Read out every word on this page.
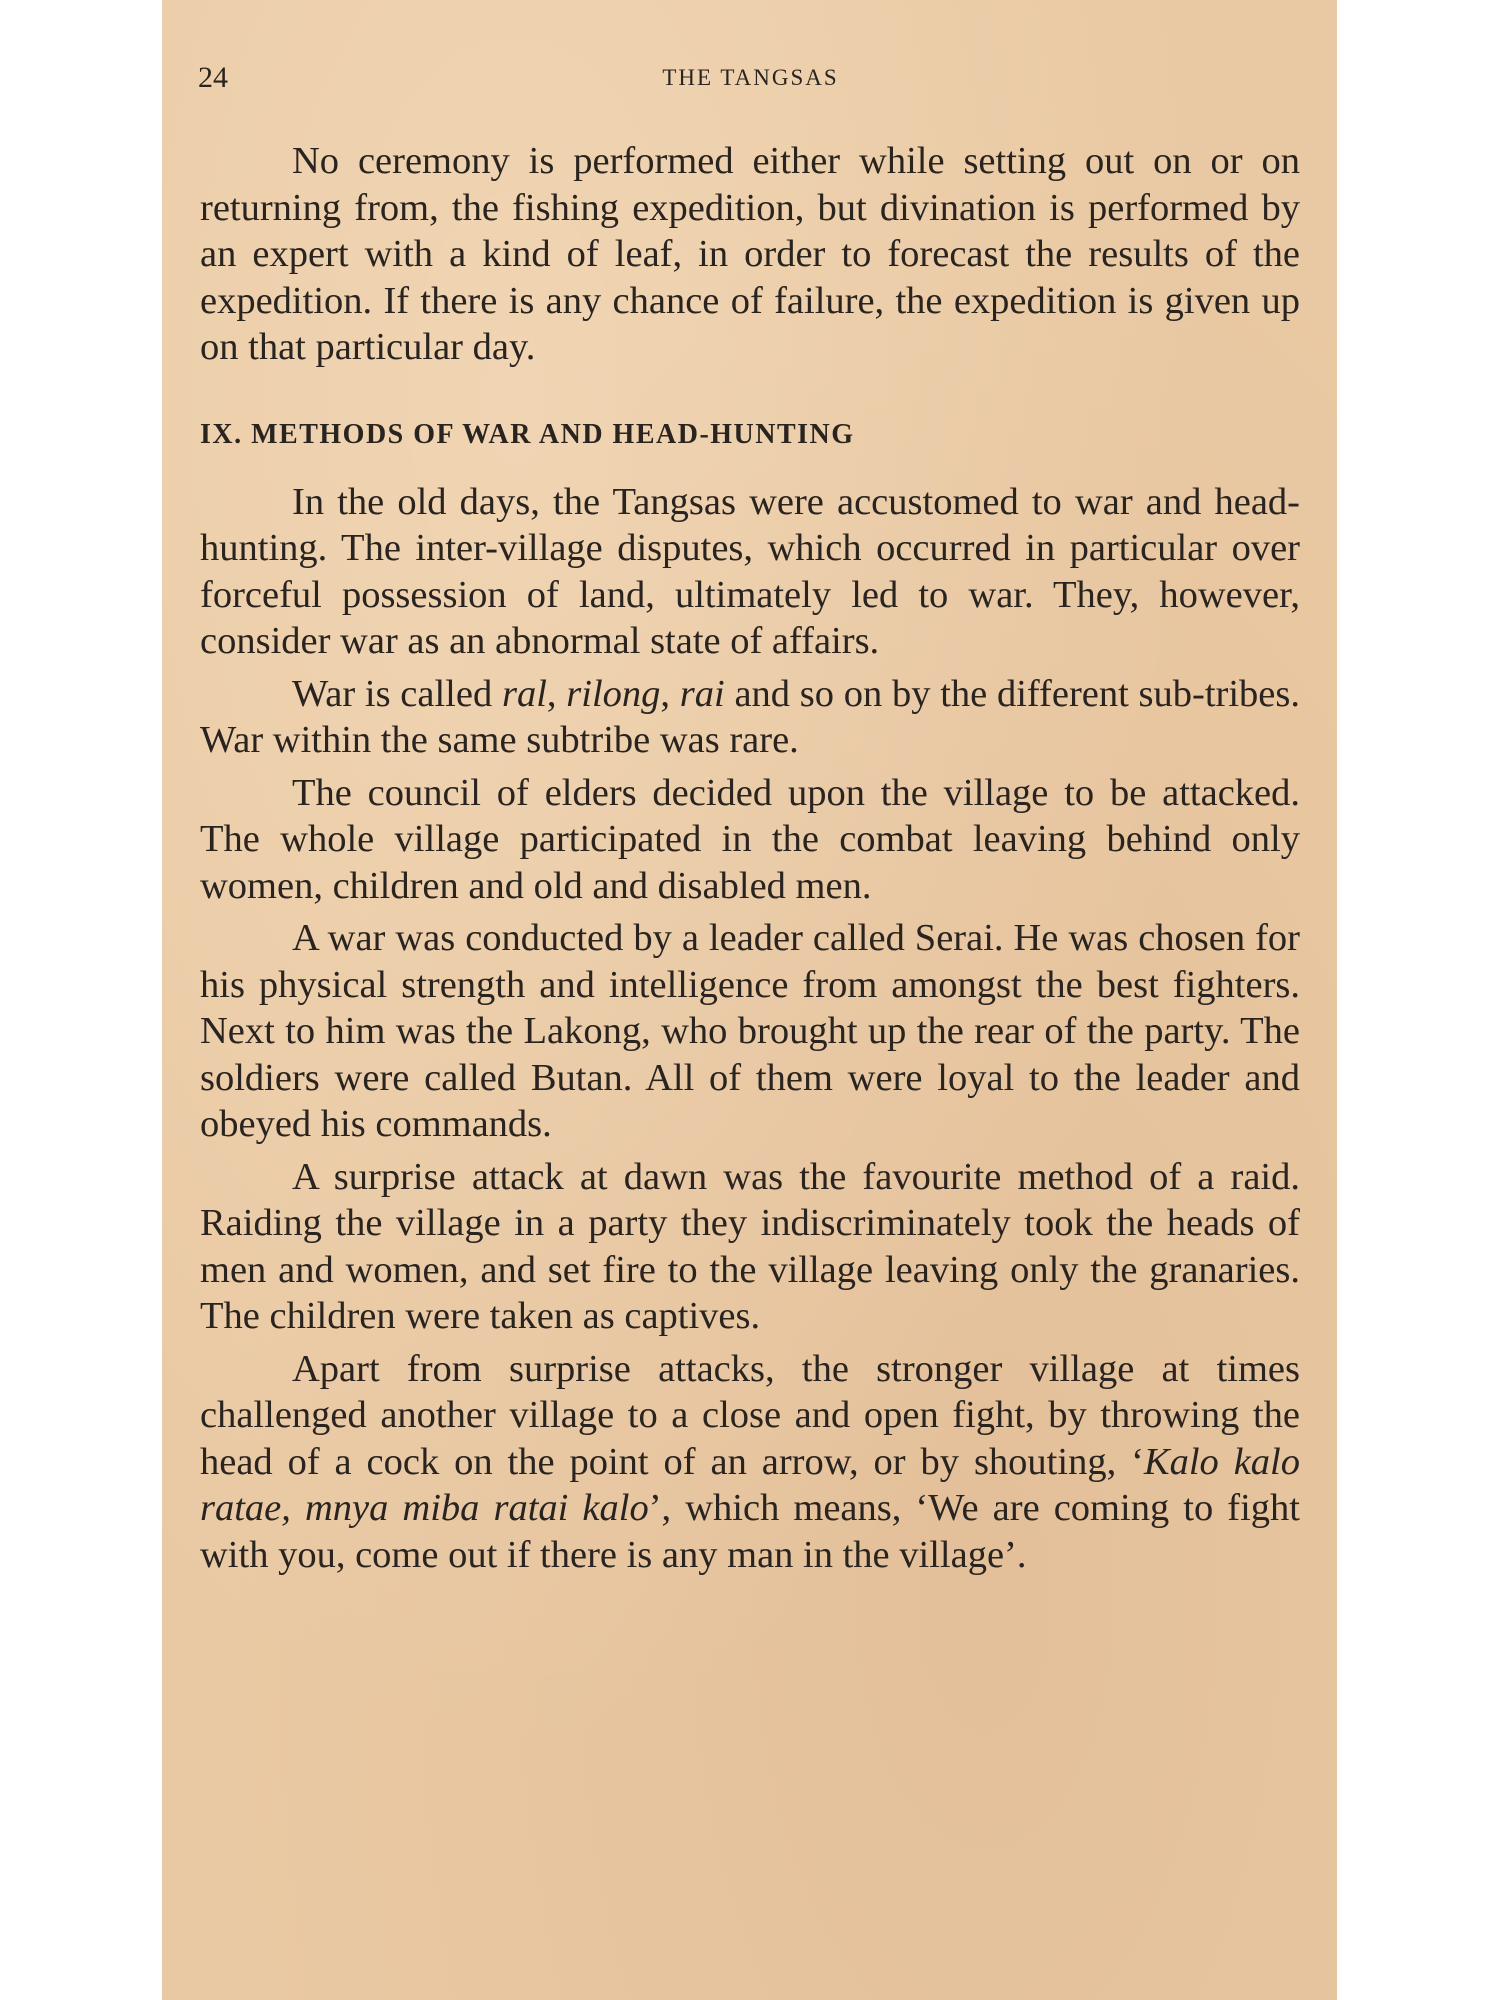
24	THE TANGSAS

No ceremony is performed either while setting out on or on returning from, the fishing expedition, but divination is performed by an expert with a kind of leaf, in order to forecast the results of the expedition. If there is any chance of failure, the expedition is given up on that particular day.

IX. METHODS OF WAR AND HEAD-HUNTING

In the old days, the Tangsas were accustomed to war and head-hunting. The inter-village disputes, which occurred in particular over forceful possession of land, ultimately led to war. They, however, consider war as an abnormal state of affairs.

War is called ral, rilong, rai and so on by the different sub-tribes. War within the same subtribe was rare.

The council of elders decided upon the village to be attacked. The whole village participated in the combat leaving behind only women, children and old and disabled men.

A war was conducted by a leader called Serai. He was chosen for his physical strength and intelligence from amongst the best fighters. Next to him was the Lakong, who brought up the rear of the party. The soldiers were called Butan. All of them were loyal to the leader and obeyed his commands.

A surprise attack at dawn was the favourite method of a raid. Raiding the village in a party they indiscriminately took the heads of men and women, and set fire to the village leaving only the granaries. The children were taken as captives.

Apart from surprise attacks, the stronger village at times challenged another village to a close and open fight, by throwing the head of a cock on the point of an arrow, or by shouting, ‘Kalo kalo ratae, mnya miba ratai kalo’, which means, ‘We are coming to fight with you, come out if there is any man in the village’.
